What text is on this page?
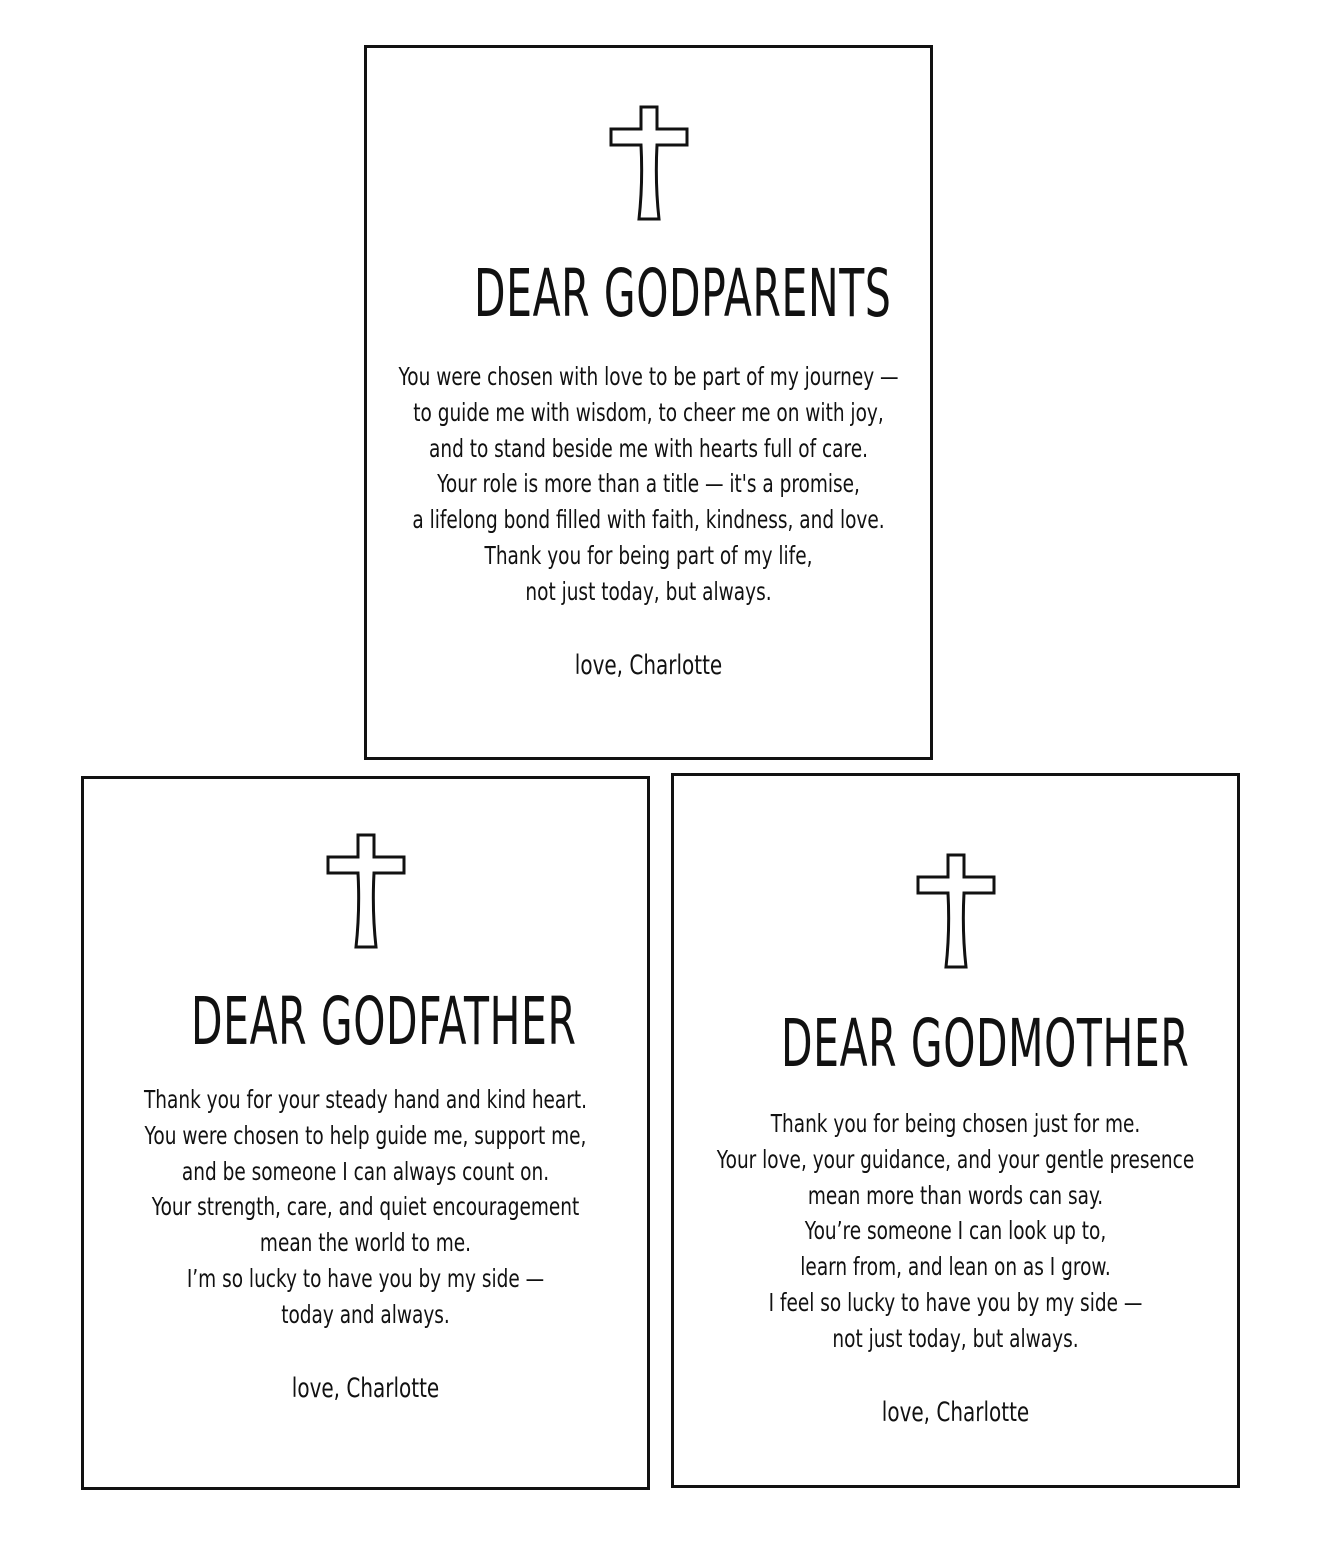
DEAR GODPARENTS
You were chosen with love to be part of my journey —
to guide me with wisdom, to cheer me on with joy,
and to stand beside me with hearts full of care.
Your role is more than a title — it's a promise,
a lifelong bond filled with faith, kindness, and love.
Thank you for being part of my life,
not just today, but always.
love, Charlotte
DEAR GODFATHER
Thank you for your steady hand and kind heart.
You were chosen to help guide me, support me,
and be someone I can always count on.
Your strength, care, and quiet encouragement
mean the world to me.
I’m so lucky to have you by my side —
today and always.
love, Charlotte
DEAR GODMOTHER
Thank you for being chosen just for me.
Your love, your guidance, and your gentle presence
mean more than words can say.
You’re someone I can look up to,
learn from, and lean on as I grow.
I feel so lucky to have you by my side —
not just today, but always.
love, Charlotte
